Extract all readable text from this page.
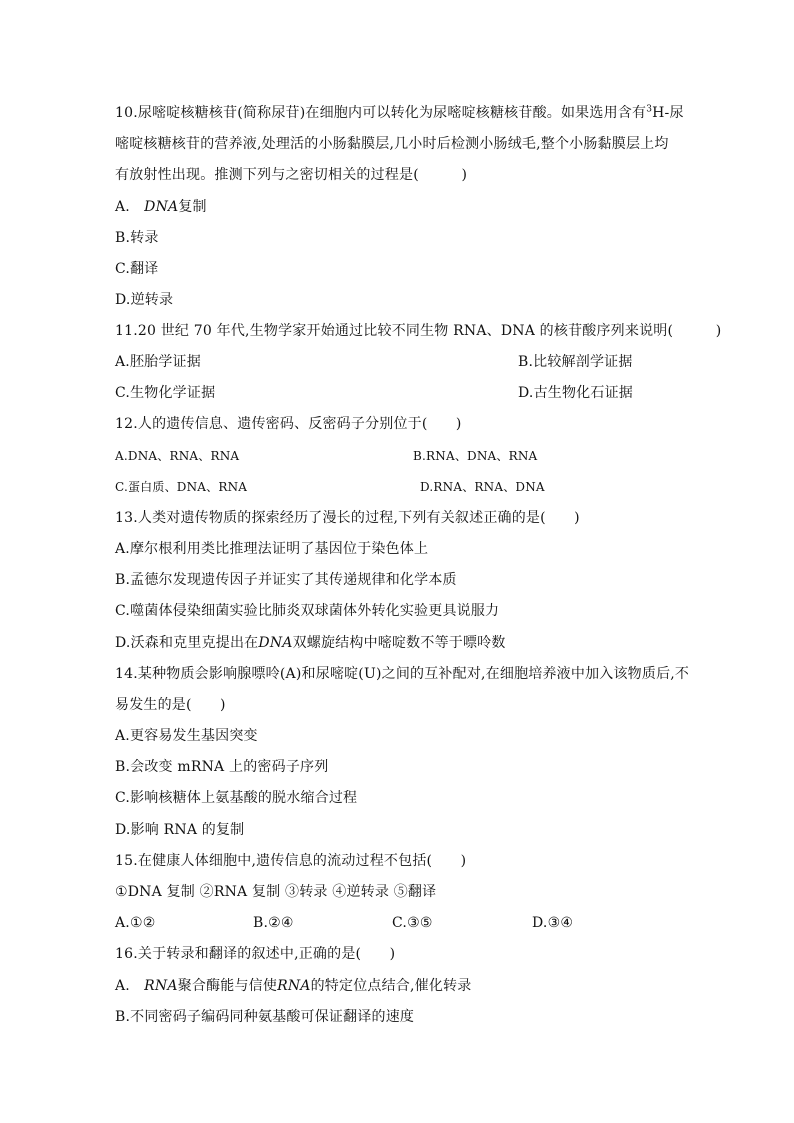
10.尿嘧啶核糖核苷(简称尿苷)在细胞内可以转化为尿嘧啶核糖核苷酸。如果选用含有$^3$H-尿
嘧啶核糖核苷的营养液,处理活的小肠黏膜层,几小时后检测小肠绒毛,整个小肠黏膜层上均
有放射性出现。推测下列与之密切相关的过程是(　　　)
A.　DNA复制
B.转录
C.翻译
D.逆转录
11.20 世纪 70 年代,生物学家开始通过比较不同生物 RNA、DNA 的核苷酸序列来说明(　　　)
A.胚胎学证据	B.比较解剖学证据
C.生物化学证据	D.古生物化石证据
12.人的遗传信息、遗传密码、反密码子分别位于(　　)
A.DNA、RNA、RNA	B.RNA、DNA、RNA
C.蛋白质、DNA、RNA	D.RNA、RNA、DNA
13.人类对遗传物质的探索经历了漫长的过程,下列有关叙述正确的是(　　)
A.摩尔根利用类比推理法证明了基因位于染色体上
B.孟德尔发现遗传因子并证实了其传递规律和化学本质
C.噬菌体侵染细菌实验比肺炎双球菌体外转化实验更具说服力
D.沃森和克里克提出在DNA双螺旋结构中嘧啶数不等于嘌呤数
14.某种物质会影响腺嘌呤(A)和尿嘧啶(U)之间的互补配对,在细胞培养液中加入该物质后,不
易发生的是(　　)
A.更容易发生基因突变
B.会改变 mRNA 上的密码子序列
C.影响核糖体上氨基酸的脱水缩合过程
D.影响 RNA 的复制
15.在健康人体细胞中,遗传信息的流动过程不包括(　　)
①DNA 复制 ②RNA 复制 ③转录 ④逆转录 ⑤翻译
A.①②	B.②④	C.③⑤	D.③④
16.关于转录和翻译的叙述中,正确的是(　　)
A.　RNA聚合酶能与信使RNA的特定位点结合,催化转录
B.不同密码子编码同种氨基酸可保证翻译的速度
